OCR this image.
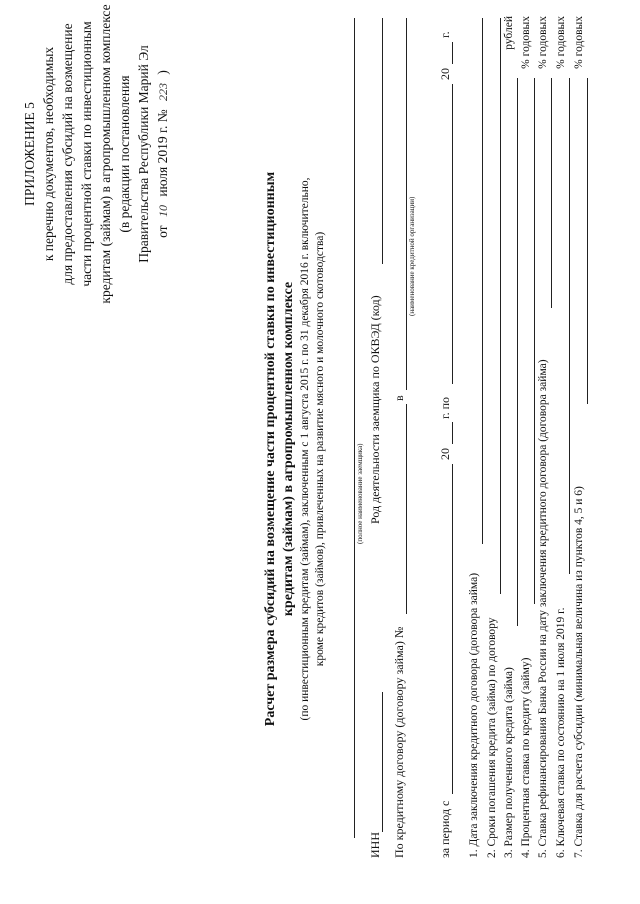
ПРИЛОЖЕНИЕ 5 к перечню документов, необходимых для предоставления субсидий на возмещение части процентной ставки по инвестиционным кредитам (займам) в агропромышленном комплексе (в редакции постановления Правительства Республики Марий Эл от 10 июля 2019 г. № 223 )
Расчет размера субсидий на возмещение части процентной ставки по инвестиционным кредитам (займам) в агропромышленном комплексе (по инвестиционным кредитам (займам), заключенным с 1 августа 2015 г. по 31 декабря 2016 г. включительно, кроме кредитов (займов), привлеченных на развитие мясного и молочного скотоводства)	(полное наименование заемщика)
ИНН
Род деятельности заемщика по ОКВЭД (код)
По кредитному договору (договору займа) №
в
(наименование кредитной организации)
за период с
20
г. по
20
г.
1. Дата заключения кредитного договора (договора займа) 2. Сроки погашения кредита (займа) по договору 3. Размер полученного кредита (займа)
рублей
4. Процентная ставка по кредиту (займу)
% годовых
5. Ставка рефинансирования Банка России на дату заключения кредитного договора (договора займа)
% годовых
6. Ключевая ставка по состоянию на 1 июля 2019 г.
% годовых
7. Ставка для расчета субсидии (минимальная величина из пунктов 4, 5 и 6)
% годовых
